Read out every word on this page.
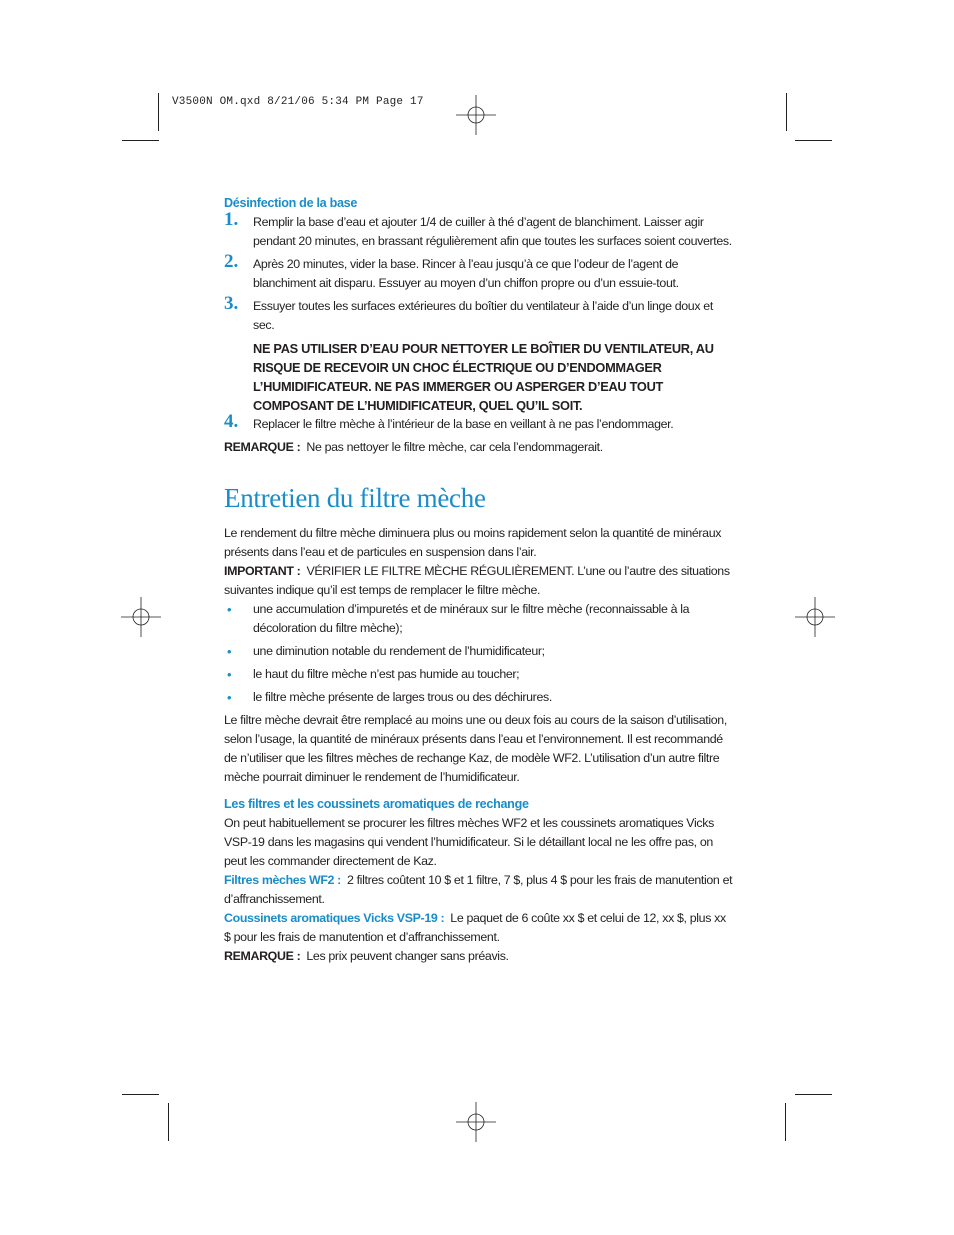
V3500N OM.qxd 8/21/06 5:34 PM Page 17

Désinfection de la base

1. Remplir la base d’eau et ajouter 1/4 de cuiller à thé d’agent de blanchiment. Laisser agir pendant 20 minutes, en brassant régulièrement afin que toutes les surfaces soient couvertes.
2. Après 20 minutes, vider la base. Rincer à l’eau jusqu’à ce que l’odeur de l’agent de blanchiment ait disparu. Essuyer au moyen d’un chiffon propre ou d’un essuie-tout.
3. Essuyer toutes les surfaces extérieures du boîtier du ventilateur à l’aide d’un linge doux et sec.

NE PAS UTILISER D’EAU POUR NETTOYER LE BOÎTIER DU VENTILATEUR, AU RISQUE DE RECEVOIR UN CHOC ÉLECTRIQUE OU D’ENDOMMAGER L’HUMIDIFICATEUR. NE PAS IMMERGER OU ASPERGER D’EAU TOUT COMPOSANT DE L’HUMIDIFICATEUR, QUEL QU’IL SOIT.

4. Replacer le filtre mèche à l’intérieur de la base en veillant à ne pas l’endommager.

REMARQUE : Ne pas nettoyer le filtre mèche, car cela l’endommagerait.

Entretien du filtre mèche

Le rendement du filtre mèche diminuera plus ou moins rapidement selon la quantité de minéraux présents dans l’eau et de particules en suspension dans l’air.

IMPORTANT : VÉRIFIER LE FILTRE MÈCHE RÉGULIÈREMENT. L’une ou l’autre des situations suivantes indique qu’il est temps de remplacer le filtre mèche.

• une accumulation d’impuretés et de minéraux sur le filtre mèche (reconnaissable à la décoloration du filtre mèche);
• une diminution notable du rendement de l’humidificateur;
• le haut du filtre mèche n’est pas humide au toucher;
• le filtre mèche présente de larges trous ou des déchirures.

Le filtre mèche devrait être remplacé au moins une ou deux fois au cours de la saison d’utilisation, selon l’usage, la quantité de minéraux présents dans l’eau et l’environnement. Il est recommandé de n’utiliser que les filtres mèches de rechange Kaz, de modèle WF2. L’utilisation d’un autre filtre mèche pourrait diminuer le rendement de l’humidificateur.

Les filtres et les coussinets aromatiques de rechange

On peut habituellement se procurer les filtres mèches WF2 et les coussinets aromatiques Vicks VSP-19 dans les magasins qui vendent l’humidificateur. Si le détaillant local ne les offre pas, on peut les commander directement de Kaz.

Filtres mèches WF2 : 2 filtres coûtent 10 $ et 1 filtre, 7 $, plus 4 $ pour les frais de manutention et d’affranchissement.

Coussinets aromatiques Vicks VSP-19 : Le paquet de 6 coûte xx $ et celui de 12, xx $, plus xx $ pour les frais de manutention et d’affranchissement.

REMARQUE : Les prix peuvent changer sans préavis.
